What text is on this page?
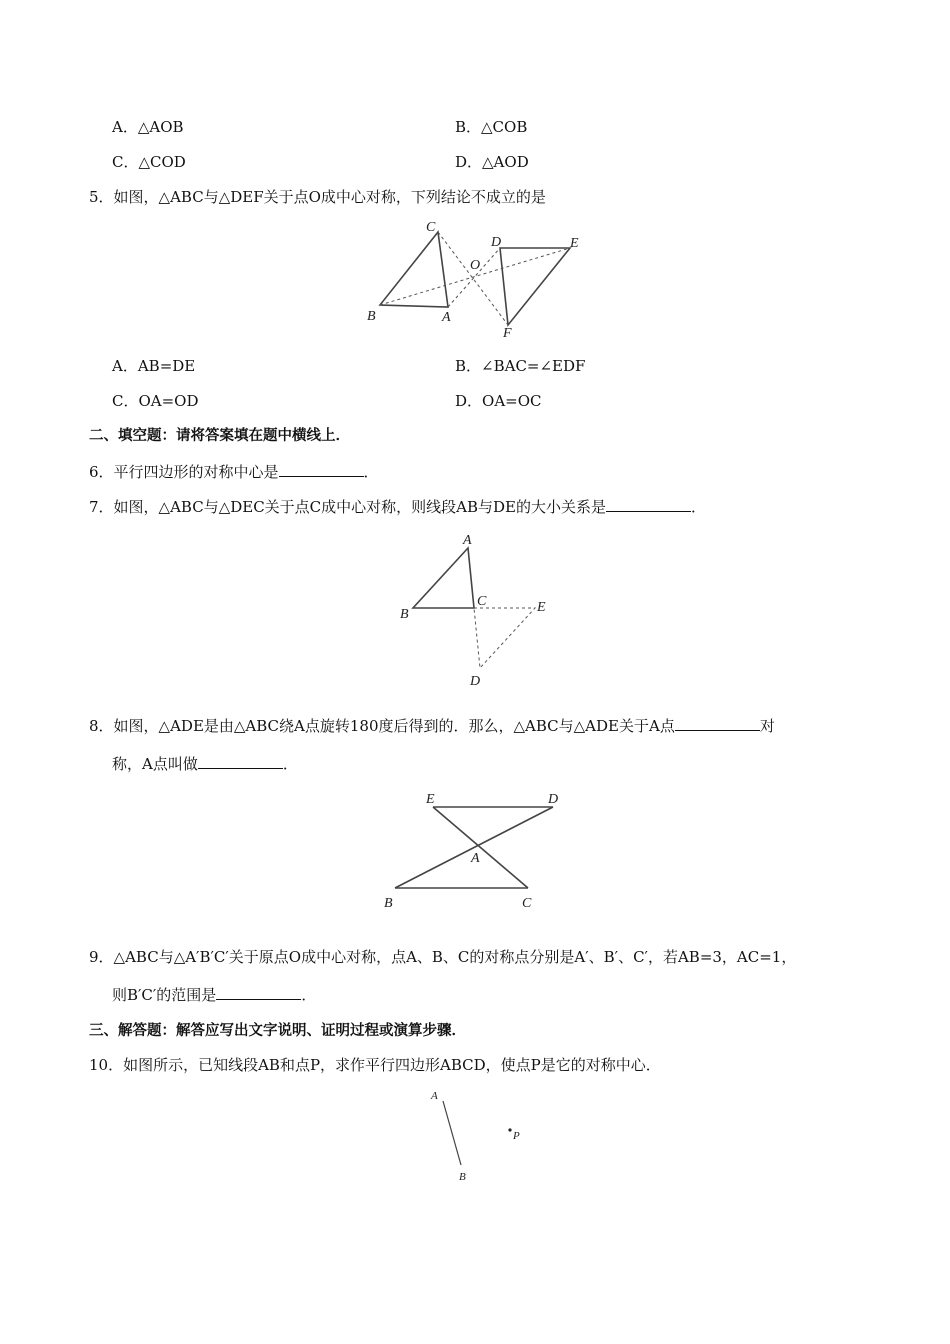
A．△AOB	B．△COB
C．△COD	D．△AOD
5．如图，△ABC与△DEF关于点O成中心对称，下列结论不成立的是
C
D	E
O
B	A
F
A．AB=DE	B．∠BAC=∠EDF
C．OA=OD	D．OA=OC
二、填空题：请将答案填在题中横线上．
6．平行四边形的对称中心是	．
7．如图，△ABC与△DEC关于点C成中心对称，则线段AB与DE的大小关系是	．
A
B
C	E
D
8．如图，△ADE是由△ABC绕A点旋转180度后得到的．那么，△ABC与△ADE关于A点	对
称，A点叫做	．
E	D
A
B	C
9．△ABC与△A′B′C′关于原点O成中心对称，点A、B、C的对称点分别是A′、B′、C′，若AB=3，AC=1，
则B′C′的范围是	．
三、解答题：解答应写出文字说明、证明过程或演算步骤．
10．如图所示，已知线段AB和点P，求作平行四边形ABCD，使点P是它的对称中心．
A
B
P
